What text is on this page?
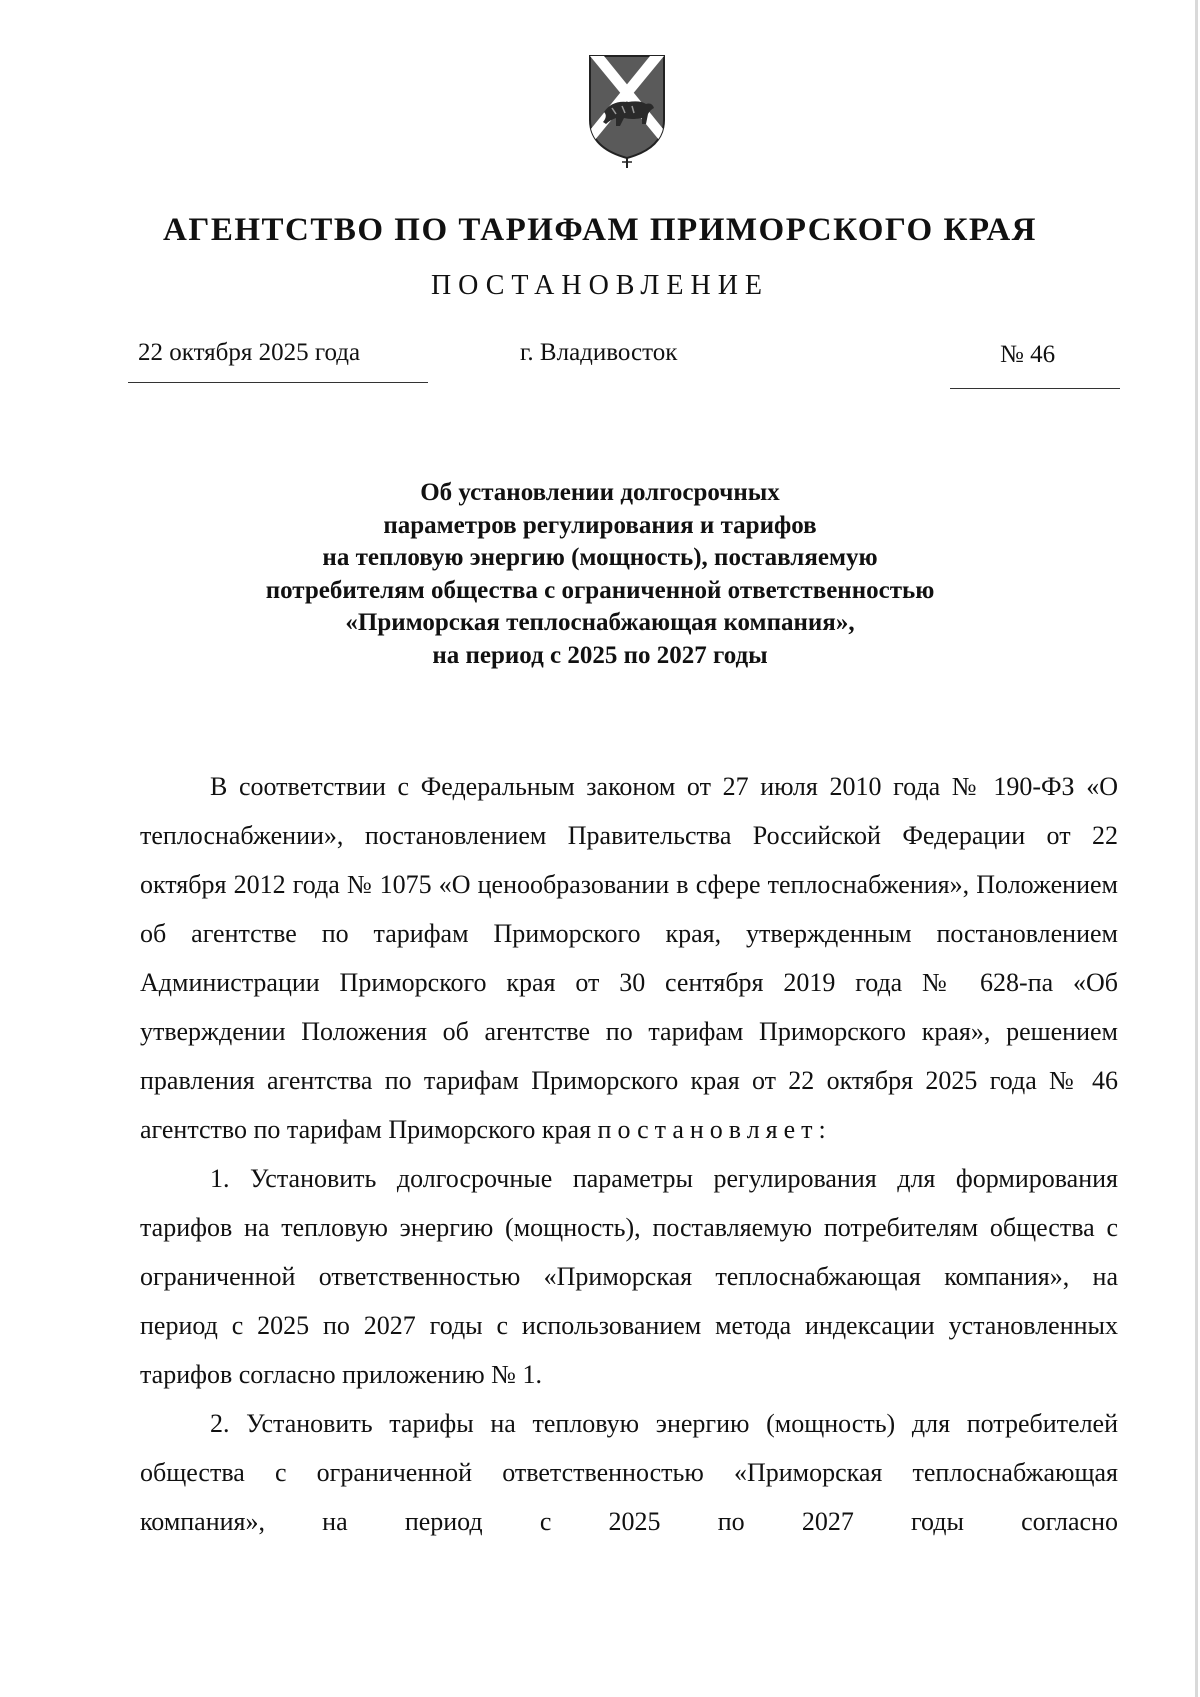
АГЕНТСТВО ПО ТАРИФАМ ПРИМОРСКОГО КРАЯ
ПОСТАНОВЛЕНИЕ
22 октября 2025 года	г. Владивосток	№ 46
Об установлении долгосрочных
параметров регулирования и тарифов
на тепловую энергию (мощность), поставляемую
потребителям общества с ограниченной ответственностью
«Приморская теплоснабжающая компания»,
на период с 2025 по 2027 годы

В соответствии с Федеральным законом от 27 июля 2010 года № 190-ФЗ «О теплоснабжении», постановлением Правительства Российской Федерации от 22 октября 2012 года № 1075 «О ценообразовании в сфере теплоснабжения», Положением об агентстве по тарифам Приморского края, утвержденным постановлением Администрации Приморского края от 30 сентября 2019 года № 628-па «Об утверждении Положения об агентстве по тарифам Приморского края», решением правления агентства по тарифам Приморского края от 22 октября 2025 года № 46 агентство по тарифам Приморского края постановляет:

1. Установить долгосрочные параметры регулирования для формирования тарифов на тепловую энергию (мощность), поставляемую потребителям общества с ограниченной ответственностью «Приморская теплоснабжающая компания», на период с 2025 по 2027 годы с использованием метода индексации установленных тарифов согласно приложению № 1.

2. Установить тарифы на тепловую энергию (мощность) для потребителей общества с ограниченной ответственностью «Приморская теплоснабжающая компания», на период с 2025 по 2027 годы согласно
